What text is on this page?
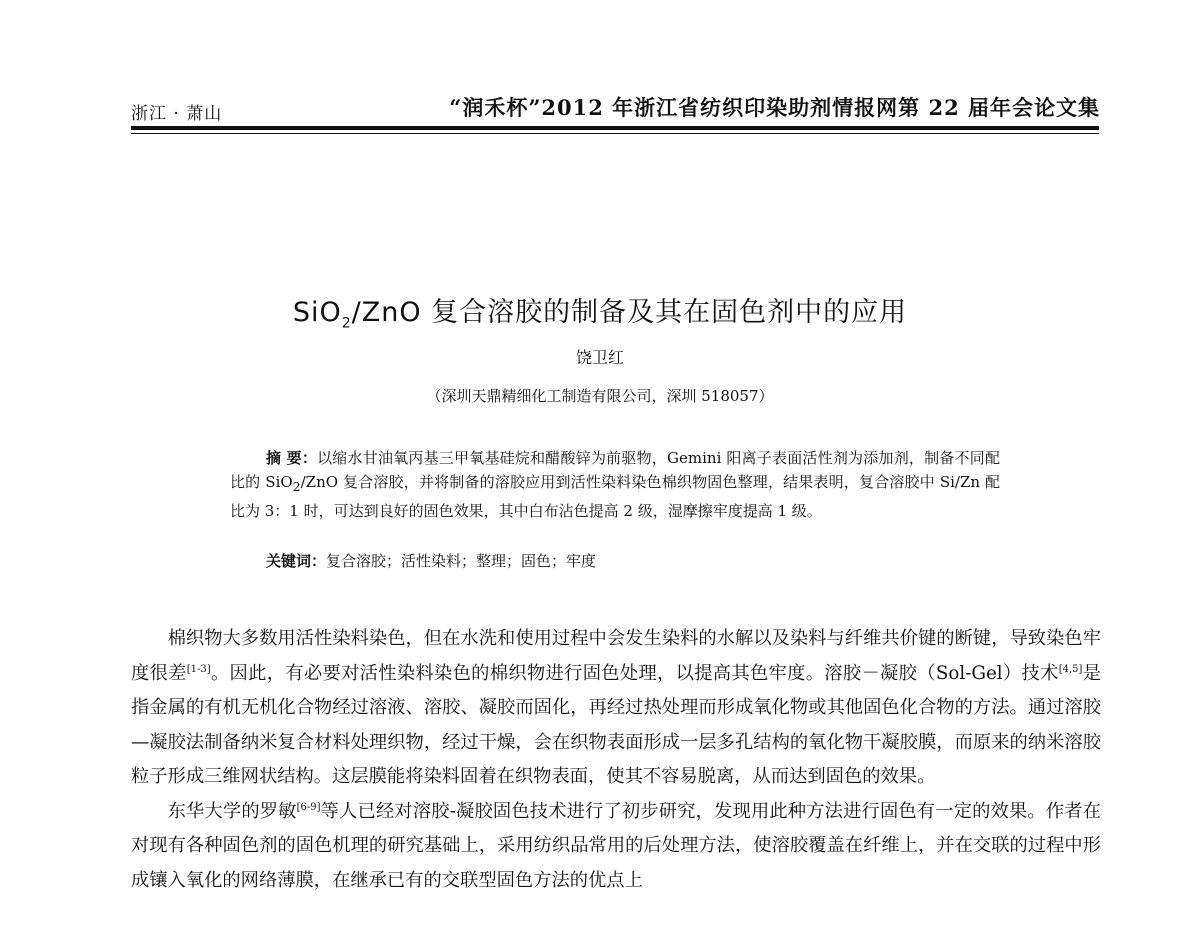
浙江 · 萧山	“润禾杯”2012 年浙江省纺织印染助剂情报网第 22 届年会论文集
SiO$_2$/ZnO 复合溶胶的制备及其在固色剂中的应用
饶卫红
（深圳天鼎精细化工制造有限公司，深圳 518057）
摘 要：以缩水甘油氧丙基三甲氧基硅烷和醋酸锌为前驱物，Gemini 阳离子表面活性剂为添加剂，制备不同配比的 SiO$_2$/ZnO 复合溶胶，并将制备的溶胶应用到活性染料染色棉织物固色整理，结果表明，复合溶胶中 Si/Zn 配比为 3：1 时，可达到良好的固色效果，其中白布沾色提高 2 级，湿摩擦牢度提高 1 级。
关键词：复合溶胶；活性染料；整理；固色；牢度

棉织物大多数用活性染料染色，但在水洗和使用过程中会发生染料的水解以及染料与纤维共价键的断键，导致染色牢度很差[1-3]。因此，有必要对活性染料染色的棉织物进行固色处理，以提高其色牢度。溶胶－凝胶（Sol-Gel）技术[4,5]是指金属的有机无机化合物经过溶液、溶胶、凝胶而固化，再经过热处理而形成氧化物或其他固色化合物的方法。通过溶胶—凝胶法制备纳米复合材料处理织物，经过干燥，会在织物表面形成一层多孔结构的氧化物干凝胶膜，而原来的纳米溶胶粒子形成三维网状结构。这层膜能将染料固着在织物表面，使其不容易脱离，从而达到固色的效果。

东华大学的罗敏[6-9]等人已经对溶胶-凝胶固色技术进行了初步研究，发现用此种方法进行固色有一定的效果。作者在对现有各种固色剂的固色机理的研究基础上，采用纺织品常用的后处理方法，使溶胶覆盖在纤维上，并在交联的过程中形成镶入氧化的网络薄膜，在继承已有的交联型固色方法的优点上
